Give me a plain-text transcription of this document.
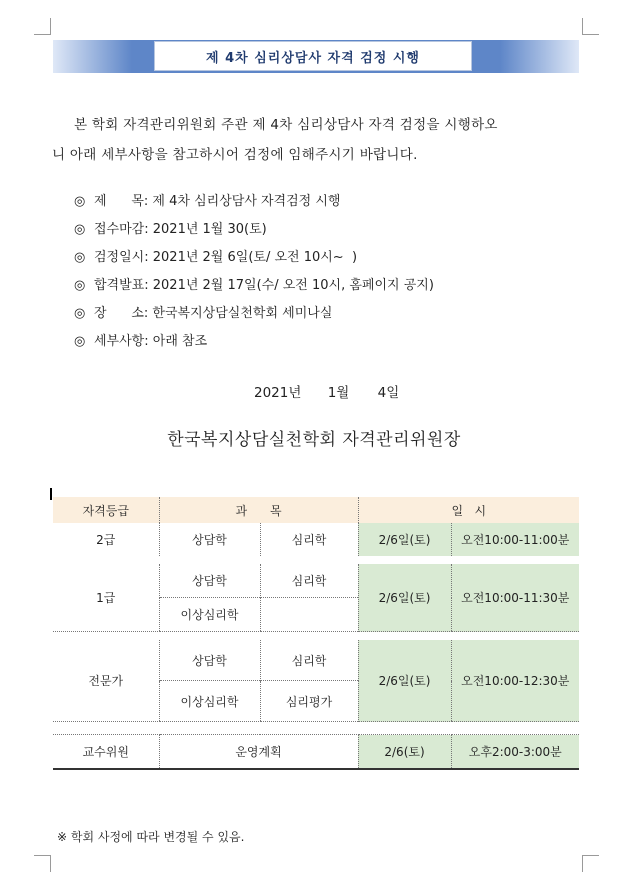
제 4차 심리상담사 자격 검정 시행
본 학회 자격관리위원회 주관 제 4차 심리상담사 자격 검정을 시행하오
니 아래 세부사항을 참고하시어 검정에 임해주시기 바랍니다.
◎ 제      목: 제 4차 심리상담사 자격검정 시행
◎ 접수마감: 2021년 1월 30(토)
◎ 검정일시: 2021년 2월 6일(토/ 오전 10시~  )
◎ 합격발표: 2021년 2월 17일(수/ 오전 10시, 홈페이지 공지)
◎ 장      소: 한국복지상담실천학회 세미나실
◎ 세부사항: 아래 참조
2021년 1월 4일
한국복지상담실천학회 자격관리위원장
자격등급	과      목		일   시	
2급	상담학	심리학	2/6일(토)	오전10:00-11:00분

1급	상담학	심리학	2/6일(토)	오전10:00-11:30분
	이상심리학			

전문가	상담학	심리학	2/6일(토)	오전10:00-12:30분
	이상심리학	심리평가		

교수위원	운영계획		2/6(토)	오후2:00-3:00분
※ 학회 사정에 따라 변경될 수 있음.
